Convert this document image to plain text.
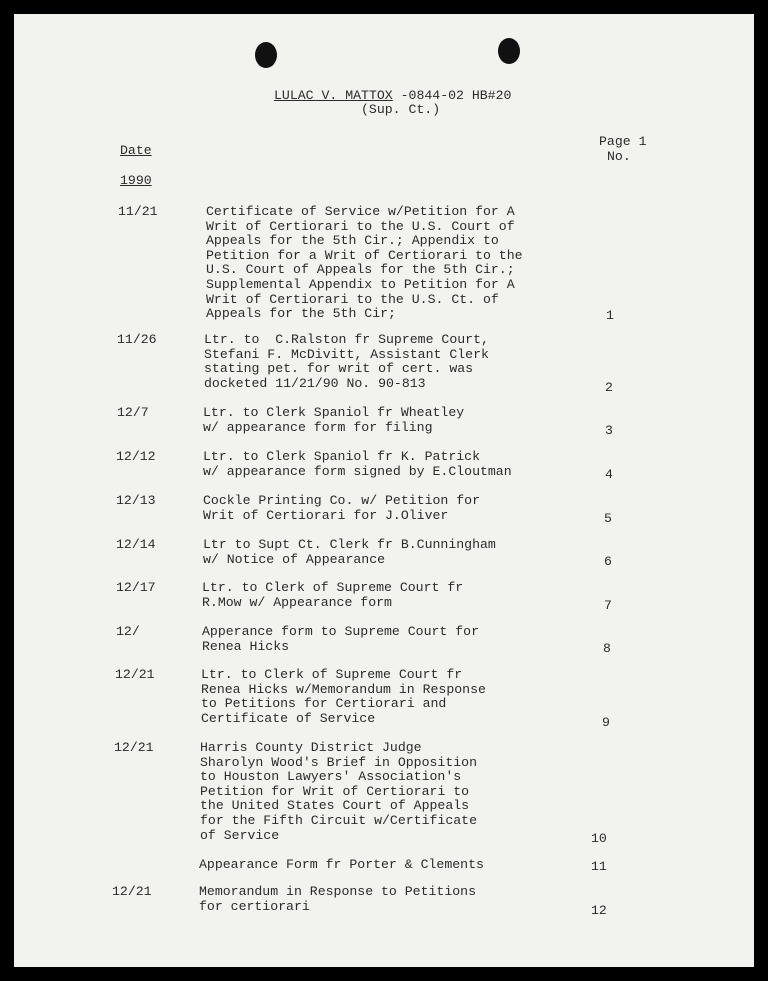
LULAC V. MATTOX -0844-02 HB#20
(Sup. Ct.)
Date
Page 1
No.
1990
11/21	Certificate of Service w/Petition for A
Writ of Certiorari to the U.S. Court of
Appeals for the 5th Cir.; Appendix to
Petition for a Writ of Certiorari to the
U.S. Court of Appeals for the 5th Cir.;
Supplemental Appendix to Petition for A
Writ of Certiorari to the U.S. Ct. of
Appeals for the 5th Cir;	1
11/26	Ltr. to  C.Ralston fr Supreme Court,
Stefani F. McDivitt, Assistant Clerk
stating pet. for writ of cert. was
docketed 11/21/90 No. 90-813	2
12/7	Ltr. to Clerk Spaniol fr Wheatley
w/ appearance form for filing	3
12/12	Ltr. to Clerk Spaniol fr K. Patrick
w/ appearance form signed by E.Cloutman	4
12/13	Cockle Printing Co. w/ Petition for
Writ of Certiorari for J.Oliver	5
12/14	Ltr to Supt Ct. Clerk fr B.Cunningham
w/ Notice of Appearance	6
12/17	Ltr. to Clerk of Supreme Court fr
R.Mow w/ Appearance form	7
12/	Apperance form to Supreme Court for
Renea Hicks	8
12/21	Ltr. to Clerk of Supreme Court fr
Renea Hicks w/Memorandum in Response
to Petitions for Certiorari and
Certificate of Service	9
12/21	Harris County District Judge
Sharolyn Wood's Brief in Opposition
to Houston Lawyers' Association's
Petition for Writ of Certiorari to
the United States Court of Appeals
for the Fifth Circuit w/Certificate
of Service	10
Appearance Form fr Porter & Clements	11
12/21	Memorandum in Response to Petitions
for certiorari	12
